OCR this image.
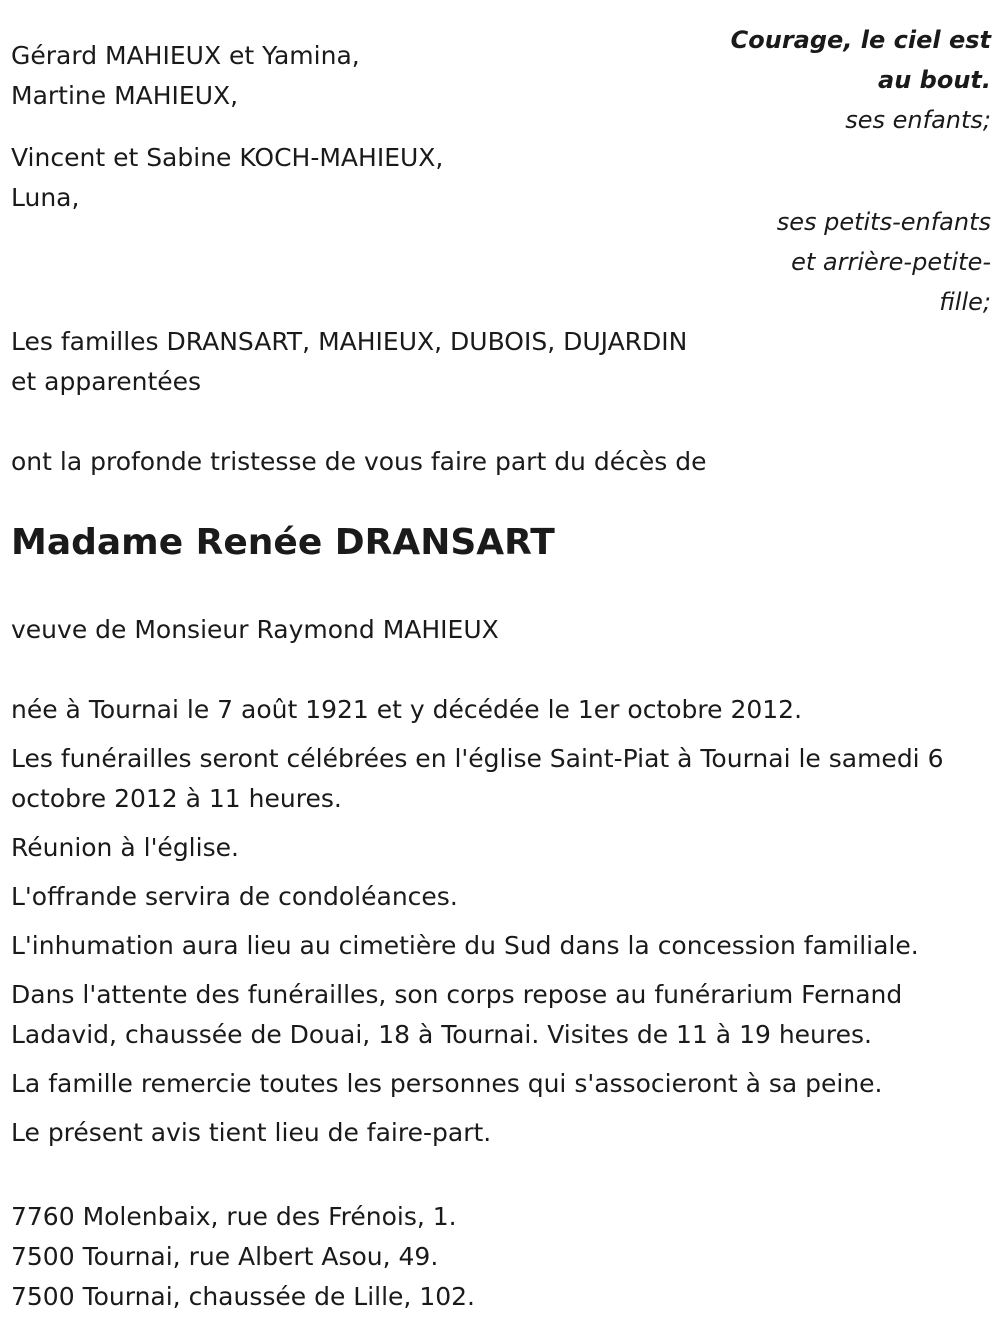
Courage, le ciel est
au bout.
ses enfants;
ses petits-enfants
et arrière-petite-
fille;
Gérard MAHIEUX et Yamina,
Martine MAHIEUX,
Vincent et Sabine KOCH-MAHIEUX,
Luna,
Les familles DRANSART, MAHIEUX, DUBOIS, DUJARDIN
et apparentées
ont la profonde tristesse de vous faire part du décès de
Madame Renée DRANSART
veuve de Monsieur Raymond MAHIEUX
née à Tournai le 7 août 1921 et y décédée le 1er octobre 2012.
Les funérailles seront célébrées en l'église Saint-Piat à Tournai le samedi 6 octobre 2012 à 11 heures.
Réunion à l'église.
L'offrande servira de condoléances.
L'inhumation aura lieu au cimetière du Sud dans la concession familiale.
Dans l'attente des funérailles, son corps repose au funérarium Fernand Ladavid, chaussée de Douai, 18 à Tournai. Visites de 11 à 19 heures.
La famille remercie toutes les personnes qui s'associeront à sa peine.
Le présent avis tient lieu de faire-part.
7760 Molenbaix, rue des Frénois, 1.
7500 Tournai, rue Albert Asou, 49.
7500 Tournai, chaussée de Lille, 102.
